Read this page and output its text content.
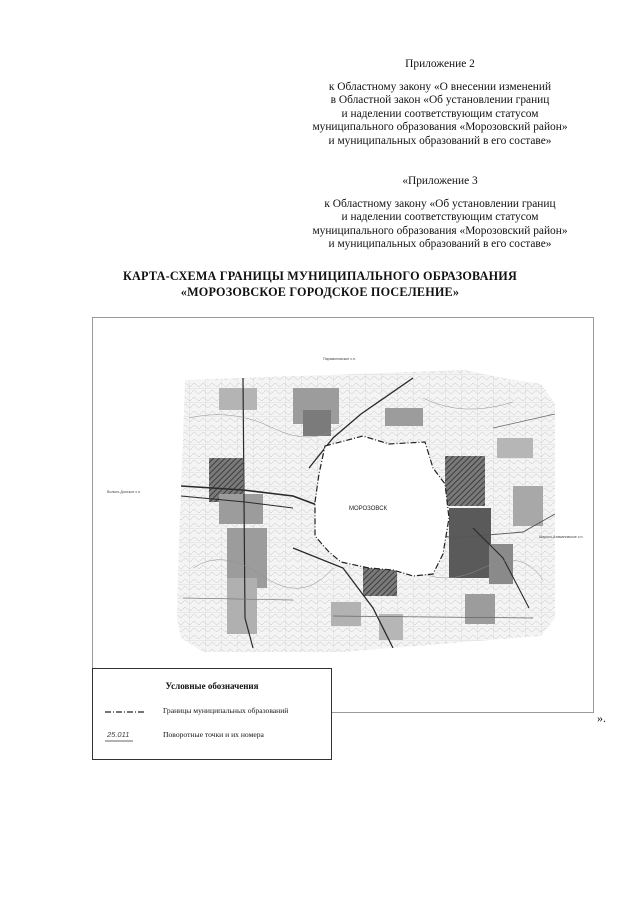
Приложение 2
к Областному закону «О внесении изменений
в Областной закон «Об установлении границ
и наделении соответствующим статусом
муниципального образования «Морозовский район»
и муниципальных образований в его составе»
«Приложение 3
к Областному закону «Об установлении границ
и наделении соответствующим статусом
муниципального образования «Морозовский район»
и муниципальных образований в его составе»
КАРТА-СХЕМА ГРАНИЦЫ МУНИЦИПАЛЬНОГО ОБРАЗОВАНИЯ
«МОРОЗОВСКОЕ ГОРОДСКОЕ ПОСЕЛЕНИЕ»
МОРОЗОВСК
Парамоновское с.п.
Вольно-Донское с.п.
Широко-Атамановское с.п.
Условные обозначения
Границы муниципальных образований
25.011	Поворотные точки и их номера
».
